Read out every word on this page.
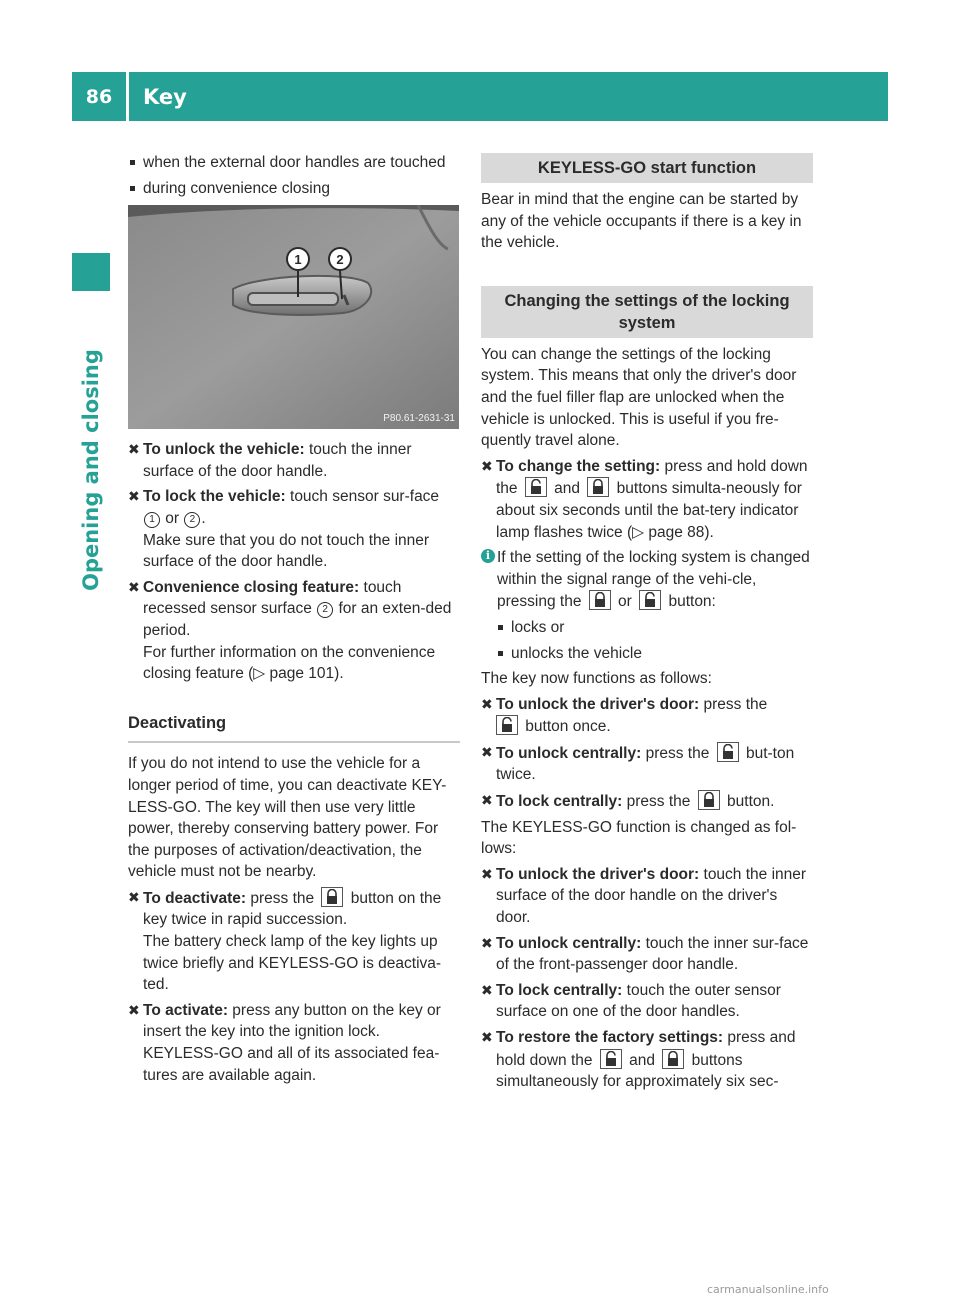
86	Key
Opening and closing
when the external door handles are touched
during convenience closing
1	2
P80.61-2631-31
✖ To unlock the vehicle: touch the inner surface of the door handle.
✖ To lock the vehicle: touch sensor sur-face 1 or 2 .
Make sure that you do not touch the inner surface of the door handle.
✖ Convenience closing feature: touch recessed sensor surface 2 for an exten-ded period.
For further information on the convenience closing feature (▷ page 101).
Deactivating
If you do not intend to use the vehicle for a longer period of time, you can deactivate KEY-LESS-GO. The key will then use very little power, thereby conserving battery power. For the purposes of activation/deactivation, the vehicle must not be nearby.
✖ To deactivate: press the
button on the key twice in rapid succession.
The battery check lamp of the key lights up twice briefly and KEYLESS-GO is deactiva-ted.
✖ To activate: press any button on the key or insert the key into the ignition lock.
KEYLESS-GO and all of its associated fea-tures are available again.
KEYLESS-GO start function
Bear in mind that the engine can be started by any of the vehicle occupants if there is a key in the vehicle.
Changing the settings of the locking system
You can change the settings of the locking system. This means that only the driver's door and the fuel filler flap are unlocked when the vehicle is unlocked. This is useful if you fre-quently travel alone.
✖ To change the setting: press and hold down the
and
buttons simulta-neously for about six seconds until the bat-tery indicator lamp flashes twice (▷ page 88).
i If the setting of the locking system is changed within the signal range of the vehi-cle, pressing the
or
button:
locks or
unlocks the vehicle
The key now functions as follows:
✖ To unlock the driver's door: press the

button once.
✖ To unlock centrally: press the
but-ton twice.
✖ To lock centrally: press the
button.
The KEYLESS-GO function is changed as fol-lows:
✖ To unlock the driver's door: touch the inner surface of the door handle on the driver's door.
✖ To unlock centrally: touch the inner sur-face of the front-passenger door handle.
✖ To lock centrally: touch the outer sensor surface on one of the door handles.
✖ To restore the factory settings: press and hold down the
and
buttons simultaneously for approximately six sec-
carmanualsonline.info
